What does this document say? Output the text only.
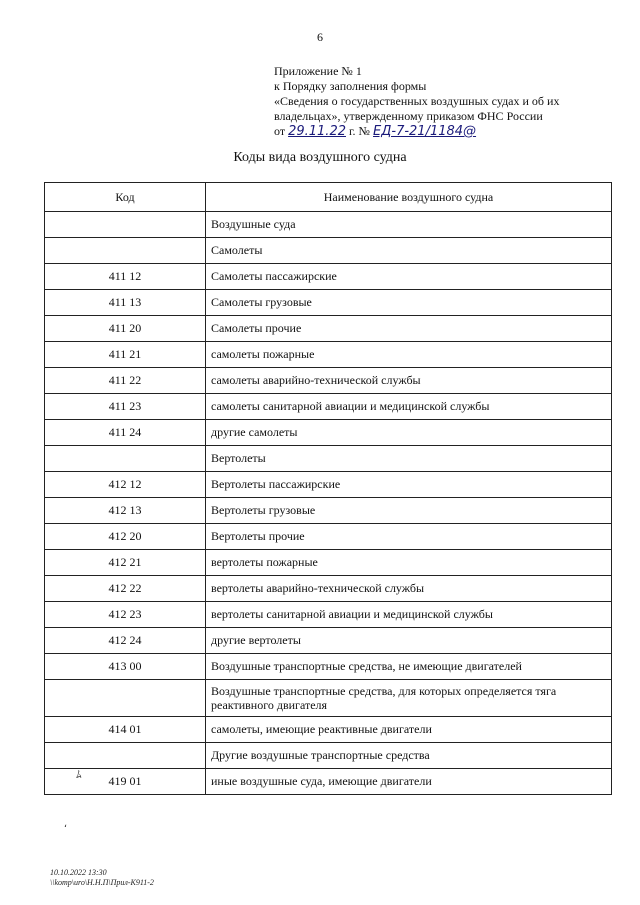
6
Приложение № 1
к Порядку заполнения формы
«Сведения о государственных воздушных судах и об их
владельцах», утвержденному приказом ФНС России
от 29.11.22 г. № ЕД-7-21/1184@
Коды вида воздушного судна
Код	Наименование воздушного судна
	Воздушные суда
	Самолеты
411 12	Самолеты пассажирские
411 13	Самолеты грузовые
411 20	Самолеты прочие
411 21	самолеты пожарные
411 22	самолеты аварийно-технической службы
411 23	самолеты санитарной авиации и медицинской службы
411 24	другие самолеты
	Вертолеты
412 12	Вертолеты пассажирские
412 13	Вертолеты грузовые
412 20	Вертолеты прочие
412 21	вертолеты пожарные
412 22	вертолеты аварийно-технической службы
412 23	вертолеты санитарной авиации и медицинской службы
412 24	другие вертолеты
413 00	Воздушные транспортные средства, не имеющие двигателей
	Воздушные транспортные средства, для которых определяется тяга реактивного двигателя
414 01	самолеты, имеющие реактивные двигатели
	Другие воздушные транспортные средства
419 01	иные воздушные суда, имеющие двигатели
ﾑ
ʻ
10.10.2022 13:30
\\komp\uro\Н.Н.П\Прил-К911-2
